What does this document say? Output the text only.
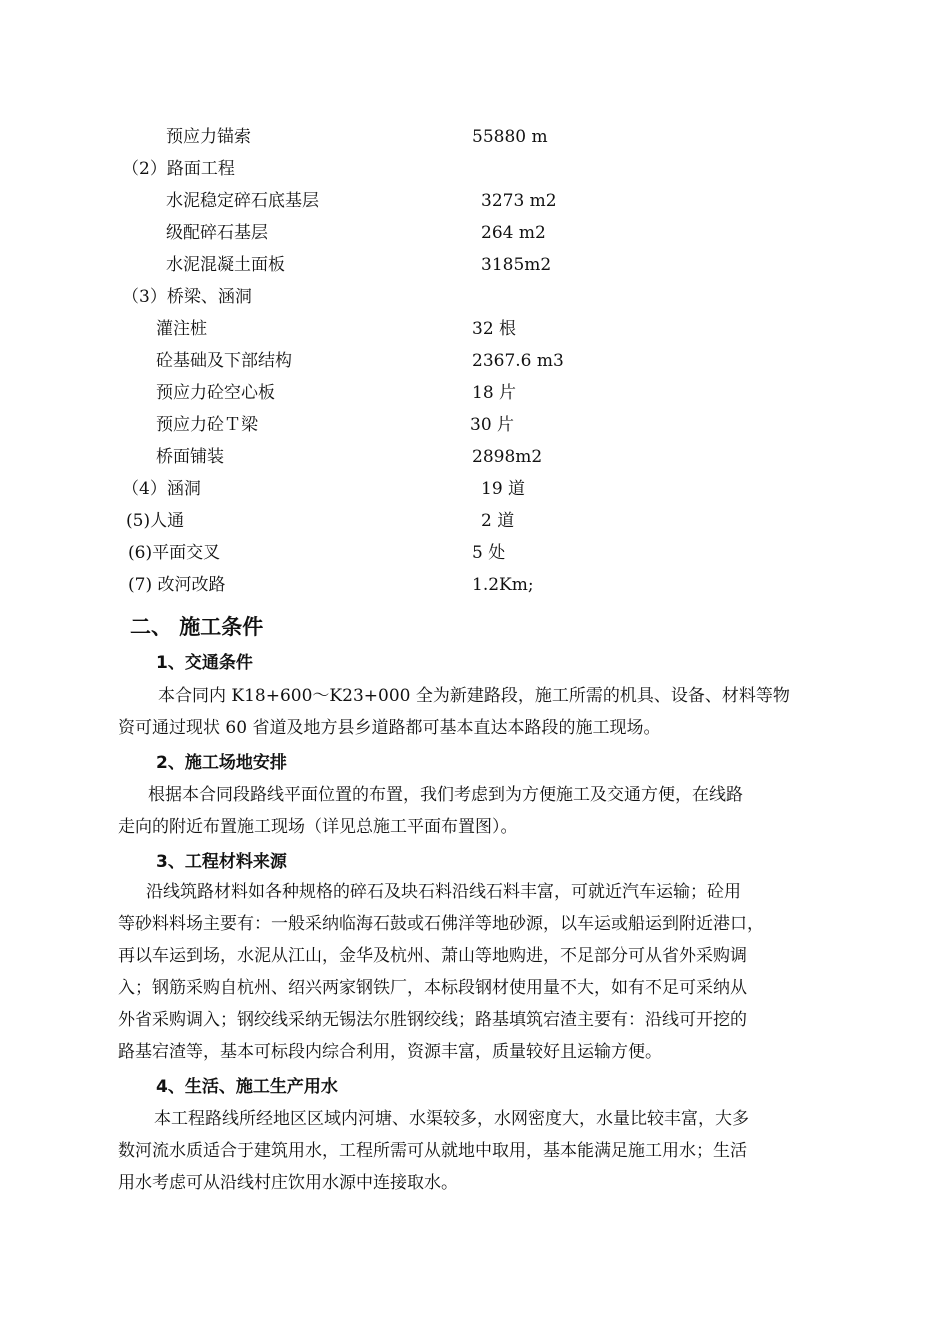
预应力锚索	55880 m
（2）路面工程
水泥稳定碎石底基层	3273 m2
级配碎石基层	264 m2
水泥混凝土面板	3185m2
（3）桥梁、涵洞
灌注桩	32 根
砼基础及下部结构	2367.6 m3
预应力砼空心板	18 片
预应力砼Ｔ梁	30 片
桥面铺装	2898m2
（4）涵洞	19 道
(5)人通	2 道
(6)平面交叉	5 处
(7) 改河改路	1.2Km;
二、 施工条件
1、交通条件
本合同内 K18+600～K23+000 全为新建路段，施工所需的机具、设备、材料等物
资可通过现状 60 省道及地方县乡道路都可基本直达本路段的施工现场。
2、施工场地安排
根据本合同段路线平面位置的布置，我们考虑到为方便施工及交通方便，在线路
走向的附近布置施工现场（详见总施工平面布置图）。
3、工程材料来源
沿线筑路材料如各种规格的碎石及块石料沿线石料丰富，可就近汽车运输；砼用
等砂料料场主要有：一般采纳临海石鼓或石佛洋等地砂源，以车运或船运到附近港口，
再以车运到场，水泥从江山，金华及杭州、萧山等地购进，不足部分可从省外采购调
入；钢筋采购自杭州、绍兴两家钢铁厂，本标段钢材使用量不大，如有不足可采纳从
外省采购调入；钢绞线采纳无锡法尔胜钢绞线；路基填筑宕渣主要有：沿线可开挖的
路基宕渣等，基本可标段内综合利用，资源丰富，质量较好且运输方便。
4、生活、施工生产用水
本工程路线所经地区区域内河塘、水渠较多，水网密度大，水量比较丰富，大多
数河流水质适合于建筑用水，工程所需可从就地中取用，基本能满足施工用水；生活
用水考虑可从沿线村庄饮用水源中连接取水。
